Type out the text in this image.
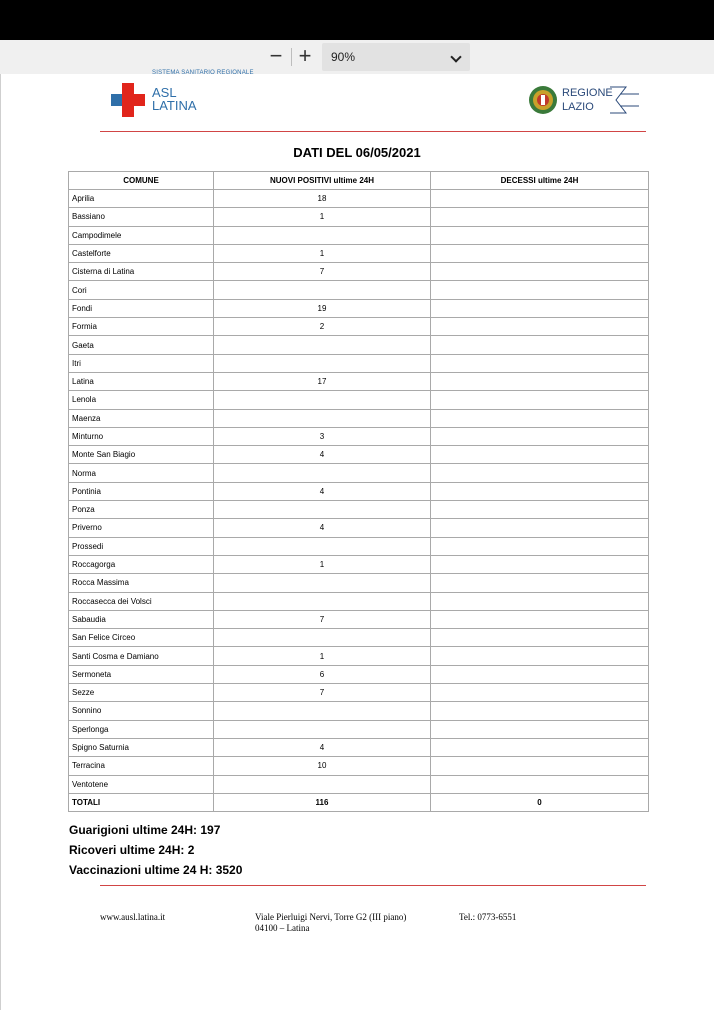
− +	90%
SISTEMA SANITARIO REGIONALE
ASL
LATINA
REGIONE
LAZIO
DATI DEL 06/05/2021
COMUNE	NUOVI POSITIVI ultime 24H	DECESSI ultime 24H
Aprilia	18	
Bassiano	1	
Campodimele		
Castelforte	1	
Cisterna di Latina	7	
Cori		
Fondi	19	
Formia	2	
Gaeta		
Itri		
Latina	17	
Lenola		
Maenza		
Minturno	3	
Monte San Biagio	4	
Norma		
Pontinia	4	
Ponza		
Priverno	4	
Prossedi		
Roccagorga	1	
Rocca Massima		
Roccasecca dei Volsci		
Sabaudia	7	
San Felice Circeo		
Santi Cosma e Damiano	1	
Sermoneta	6	
Sezze	7	
Sonnino		
Sperlonga		
Spigno Saturnia	4	
Terracina	10	
Ventotene		
TOTALI	116	0
Guarigioni ultime 24H: 197
Ricoveri ultime 24H: 2
Vaccinazioni ultime 24 H: 3520
www.ausl.latina.it	Viale Pierluigi Nervi, Torre G2 (III piano)
04100 – Latina
Tel.: 0773-6551
